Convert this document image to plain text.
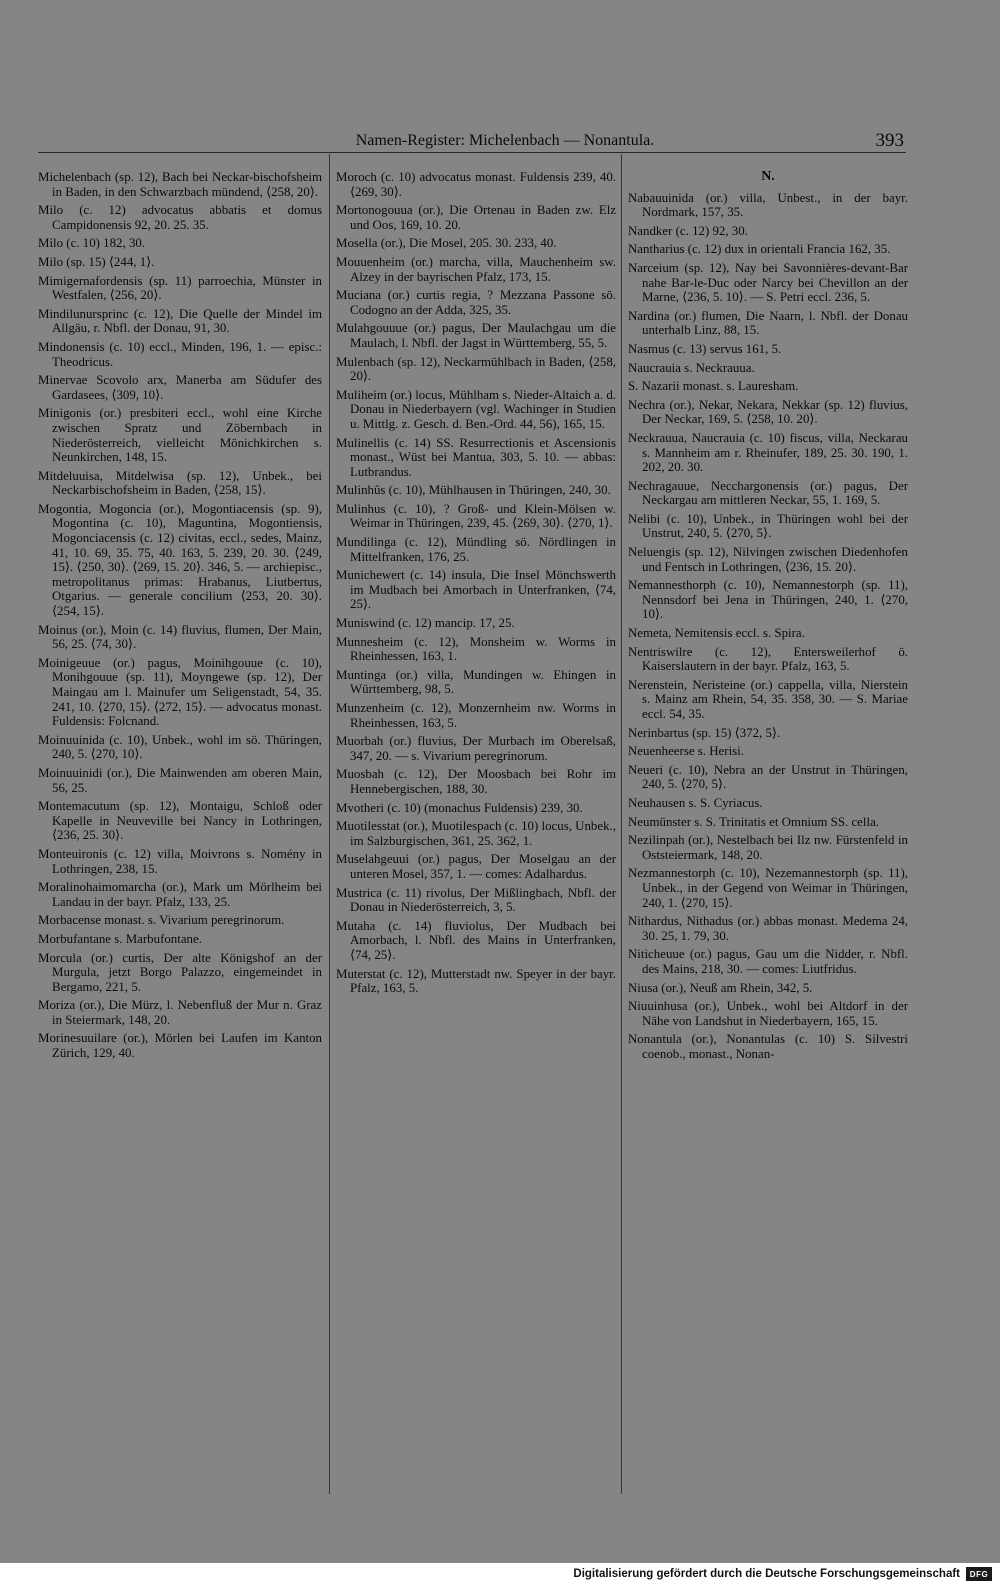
Namen-Register: Michelenbach — Nonantula.	393
Michelenbach (sp. 12), Bach bei Neckar-bischofsheim in Baden, in den Schwarzbach mündend, ⟨258, 20⟩.
Milo (c. 12) advocatus abbatis et domus Campidonensis 92, 20. 25. 35.
Milo (c. 10) 182, 30.
Milo (sp. 15) ⟨244, 1⟩.
Mimigernafordensis (sp. 11) parroechia, Münster in Westfalen, ⟨256, 20⟩.
Mindilunursprinc (c. 12), Die Quelle der Mindel im Allgäu, r. Nbfl. der Donau, 91, 30.
Mindonensis (c. 10) eccl., Minden, 196, 1. — episc.: Theodricus.
Minervae Scovolo arx, Manerba am Südufer des Gardasees, ⟨309, 10⟩.
Minigonis (or.) presbiteri eccl., wohl eine Kirche zwischen Spratz und Zöbernbach in Niederösterreich, vielleicht Mönichkirchen s. Neunkirchen, 148, 15.
Mitdeluuisa, Mitdelwisa (sp. 12), Unbek., bei Neckarbischofsheim in Baden, ⟨258, 15⟩.
Mogontia, Mogoncia (or.), Mogontiacensis (sp. 9), Mogontina (c. 10), Maguntina, Mogontiensis, Mogonciacensis (c. 12) civitas, eccl., sedes, Mainz, 41, 10. 69, 35. 75, 40. 163, 5. 239, 20. 30. ⟨249, 15⟩. ⟨250, 30⟩. ⟨269, 15. 20⟩. 346, 5. — archiepisc., metropolitanus primas: Hrabanus, Liutbertus, Otgarius. — generale concilium ⟨253, 20. 30⟩. ⟨254, 15⟩.
Moinus (or.), Moin (c. 14) fluvius, flumen, Der Main, 56, 25. ⟨74, 30⟩.
Moinigeuue (or.) pagus, Moinihgouue (c. 10), Monihgouue (sp. 11), Moyngewe (sp. 12), Der Maingau am l. Mainufer um Seligenstadt, 54, 35. 241, 10. ⟨270, 15⟩. ⟨272, 15⟩. — advocatus monast. Fuldensis: Folcnand.
Moinuuinida (c. 10), Unbek., wohl im sö. Thüringen, 240, 5. ⟨270, 10⟩.
Moinuuinidi (or.), Die Mainwenden am oberen Main, 56, 25.
Montemacutum (sp. 12), Montaigu, Schloß oder Kapelle in Neuveville bei Nancy in Lothringen, ⟨236, 25. 30⟩.
Monteuironis (c. 12) villa, Moivrons s. Nomény in Lothringen, 238, 15.
Moralinohaimomarcha (or.), Mark um Mörlheim bei Landau in der bayr. Pfalz, 133, 25.
Morbacense monast. s. Vivarium peregrinorum.
Morbufantane s. Marbufontane.
Morcula (or.) curtis, Der alte Königshof an der Murgula, jetzt Borgo Palazzo, eingemeindet in Bergamo, 221, 5.
Moriza (or.), Die Mürz, l. Nebenfluß der Mur n. Graz in Steiermark, 148, 20.
Morinesuuilare (or.), Mörlen bei Laufen im Kanton Zürich, 129, 40.
Moroch (c. 10) advocatus monast. Fuldensis 239, 40. ⟨269, 30⟩.
Mortonogouua (or.), Die Ortenau in Baden zw. Elz und Oos, 169, 10. 20.
Mosella (or.), Die Mosel, 205. 30. 233, 40.
Mouuenheim (or.) marcha, villa, Mauchenheim sw. Alzey in der bayrischen Pfalz, 173, 15.
Muciana (or.) curtis regia, ? Mezzana Passone sö. Codogno an der Adda, 325, 35.
Mulahgouuue (or.) pagus, Der Maulachgau um die Maulach, l. Nbfl. der Jagst in Württemberg, 55, 5.
Mulenbach (sp. 12), Neckarmühlbach in Baden, ⟨258, 20⟩.
Muliheim (or.) locus, Mühlham s. Nieder-Altaich a. d. Donau in Niederbayern (vgl. Wachinger in Studien u. Mittlg. z. Gesch. d. Ben.-Ord. 44, 56), 165, 15.
Mulinellis (c. 14) SS. Resurrectionis et Ascensionis monast., Wüst bei Mantua, 303, 5. 10. — abbas: Lutbrandus.
Mulinhûs (c. 10), Mühlhausen in Thüringen, 240, 30.
Mulinhus (c. 10), ? Groß- und Klein-Mölsen w. Weimar in Thüringen, 239, 45. ⟨269, 30⟩. ⟨270, 1⟩.
Mundilinga (c. 12), Mündling sö. Nördlingen in Mittelfranken, 176, 25.
Munichewert (c. 14) insula, Die Insel Mönchswerth im Mudbach bei Amorbach in Unterfranken, ⟨74, 25⟩.
Muniswind (c. 12) mancip. 17, 25.
Munnesheim (c. 12), Monsheim w. Worms in Rheinhessen, 163, 1.
Muntinga (or.) villa, Mundingen w. Ehingen in Württemberg, 98, 5.
Munzenheim (c. 12), Monzernheim nw. Worms in Rheinhessen, 163, 5.
Muorbah (or.) fluvius, Der Murbach im Oberelsaß, 347, 20. — s. Vivarium peregrinorum.
Muosbah (c. 12), Der Moosbach bei Rohr im Hennebergischen, 188, 30.
Mvotheri (c. 10) (monachus Fuldensis) 239, 30.
Muotilesstat (or.), Muotilespach (c. 10) locus, Unbek., im Salzburgischen, 361, 25. 362, 1.
Muselahgeuui (or.) pagus, Der Moselgau an der unteren Mosel, 357, 1. — comes: Adalhardus.
Mustrica (c. 11) rivolus, Der Mißlingbach, Nbfl. der Donau in Niederösterreich, 3, 5.
Mutaha (c. 14) fluviolus, Der Mudbach bei Amorbach, l. Nbfl. des Mains in Unterfranken, ⟨74, 25⟩.
Muterstat (c. 12), Mutterstadt nw. Speyer in der bayr. Pfalz, 163, 5.
N.
Nabauuinida (or.) villa, Unbest., in der bayr. Nordmark, 157, 35.
Nandker (c. 12) 92, 30.
Nantharius (c. 12) dux in orientali Francia 162, 35.
Narceium (sp. 12), Nay bei Savonnières-devant-Bar nahe Bar-le-Duc oder Narcy bei Chevillon an der Marne, ⟨236, 5. 10⟩. — S. Petri eccl. 236, 5.
Nardina (or.) flumen, Die Naarn, l. Nbfl. der Donau unterhalb Linz, 88, 15.
Nasmus (c. 13) servus 161, 5.
Naucrauia s. Neckrauua.
S. Nazarii monast. s. Lauresham.
Nechra (or.), Nekar, Nekara, Nekkar (sp. 12) fluvius, Der Neckar, 169, 5. ⟨258, 10. 20⟩.
Neckrauua, Naucrauia (c. 10) fiscus, villa, Neckarau s. Mannheim am r. Rheinufer, 189, 25. 30. 190, 1. 202, 20. 30.
Nechragauue, Necchargonensis (or.) pagus, Der Neckargau am mittleren Neckar, 55, 1. 169, 5.
Nelibi (c. 10), Unbek., in Thüringen wohl bei der Unstrut, 240, 5. ⟨270, 5⟩.
Neluengis (sp. 12), Nilvingen zwischen Diedenhofen und Fentsch in Lothringen, ⟨236, 15. 20⟩.
Nemannesthorph (c. 10), Nemannestorph (sp. 11), Nennsdorf bei Jena in Thüringen, 240, 1. ⟨270, 10⟩.
Nemeta, Nemitensis eccl. s. Spira.
Nentriswilre (c. 12), Entersweilerhof ö. Kaiserslautern in der bayr. Pfalz, 163, 5.
Nerenstein, Neristeine (or.) cappella, villa, Nierstein s. Mainz am Rhein, 54, 35. 358, 30. — S. Mariae eccl. 54, 35.
Nerinbartus (sp. 15) ⟨372, 5⟩.
Neuenheerse s. Herisi.
Neueri (c. 10), Nebra an der Unstrut in Thüringen, 240, 5. ⟨270, 5⟩.
Neuhausen s. S. Cyriacus.
Neumünster s. S. Trinitatis et Omnium SS. cella.
Nezilinpah (or.), Nestelbach bei Ilz nw. Fürstenfeld in Oststeiermark, 148, 20.
Nezmannestorph (c. 10), Nezemannestorph (sp. 11), Unbek., in der Gegend von Weimar in Thüringen, 240, 1. ⟨270, 15⟩.
Nithardus, Nithadus (or.) abbas monast. Medema 24, 30. 25, 1. 79, 30.
Niticheuue (or.) pagus, Gau um die Nidder, r. Nbfl. des Mains, 218, 30. — comes: Liutfridus.
Niusa (or.), Neuß am Rhein, 342, 5.
Niuuinhusa (or.), Unbek., wohl bei Altdorf in der Nähe von Landshut in Niederbayern, 165, 15.
Nonantula (or.), Nonantulas (c. 10) S. Silvestri coenob., monast., Nonan-
Digitalisierung gefördert durch die Deutsche Forschungsgemeinschaft	DFG
